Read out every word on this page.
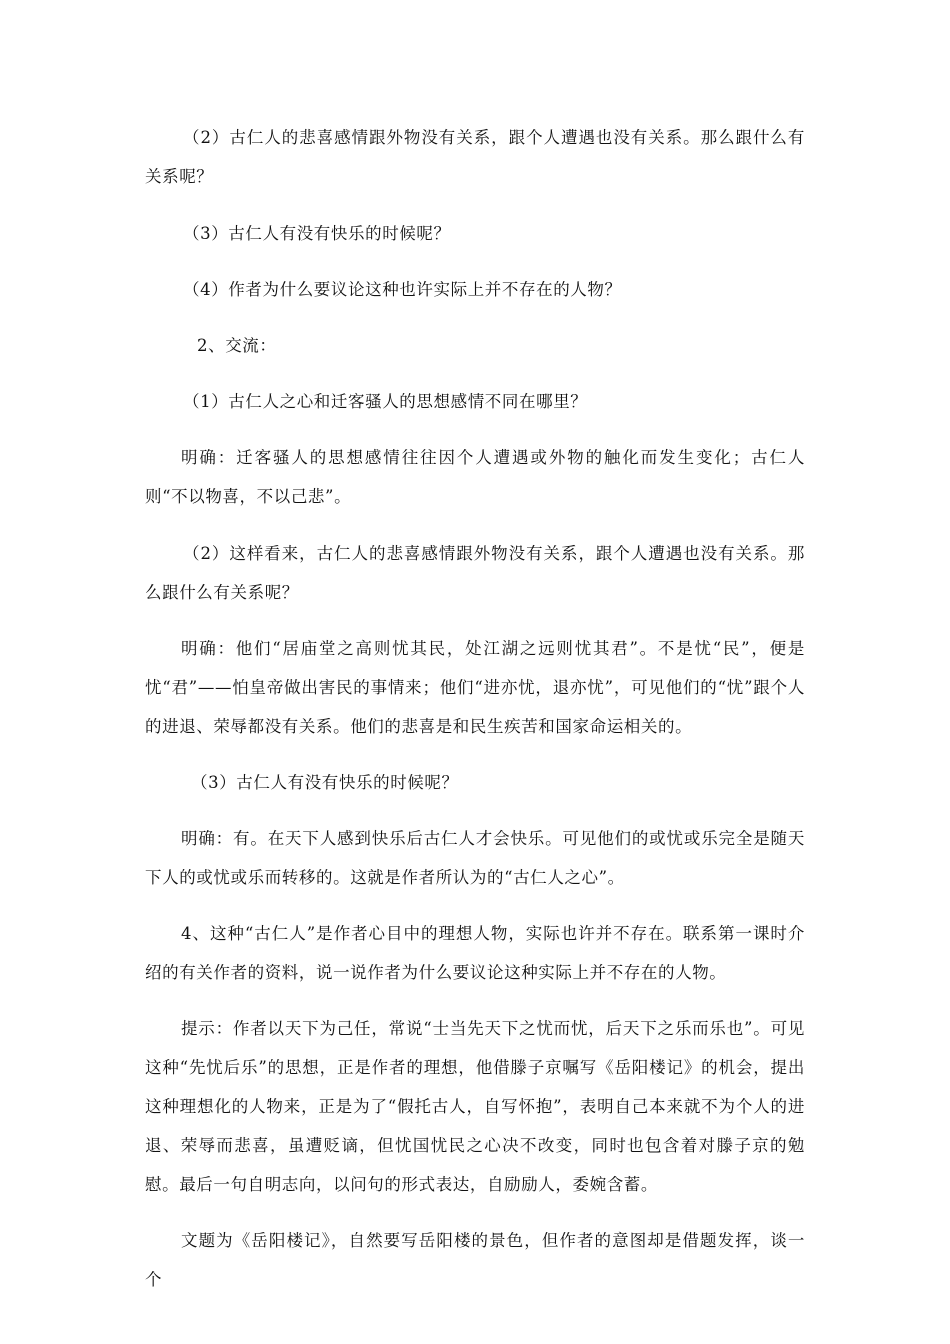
（2）古仁人的悲喜感情跟外物没有关系，跟个人遭遇也没有关系。那么跟什么有关系呢？

（3）古仁人有没有快乐的时候呢？

（4）作者为什么要议论这种也许实际上并不存在的人物？

2、交流：

（1）古仁人之心和迁客骚人的思想感情不同在哪里？

明确：迁客骚人的思想感情往往因个人遭遇或外物的触化而发生变化；古仁人则“不以物喜，不以己悲”。

（2）这样看来，古仁人的悲喜感情跟外物没有关系，跟个人遭遇也没有关系。那么跟什么有关系呢？

明确：他们“居庙堂之高则忧其民，处江湖之远则忧其君”。不是忧“民”，便是忧“君”——怕皇帝做出害民的事情来；他们“进亦忧，退亦忧”，可见他们的“忧”跟个人的进退、荣辱都没有关系。他们的悲喜是和民生疾苦和国家命运相关的。

（3）古仁人有没有快乐的时候呢？

明确：有。在天下人感到快乐后古仁人才会快乐。可见他们的或忧或乐完全是随天下人的或忧或乐而转移的。这就是作者所认为的“古仁人之心”。

4、这种“古仁人”是作者心目中的理想人物，实际也许并不存在。联系第一课时介绍的有关作者的资料，说一说作者为什么要议论这种实际上并不存在的人物。

提示：作者以天下为己任，常说“士当先天下之忧而忧，后天下之乐而乐也”。可见这种“先忧后乐”的思想，正是作者的理想，他借滕子京嘱写《岳阳楼记》的机会，提出这种理想化的人物来，正是为了“假托古人，自写怀抱”，表明自己本来就不为个人的进退、荣辱而悲喜，虽遭贬谪，但忧国忧民之心决不改变，同时也包含着对滕子京的勉慰。最后一句自明志向，以问句的形式表达，自励励人，委婉含蓄。

文题为《岳阳楼记》，自然要写岳阳楼的景色，但作者的意图却是借题发挥，谈一个
